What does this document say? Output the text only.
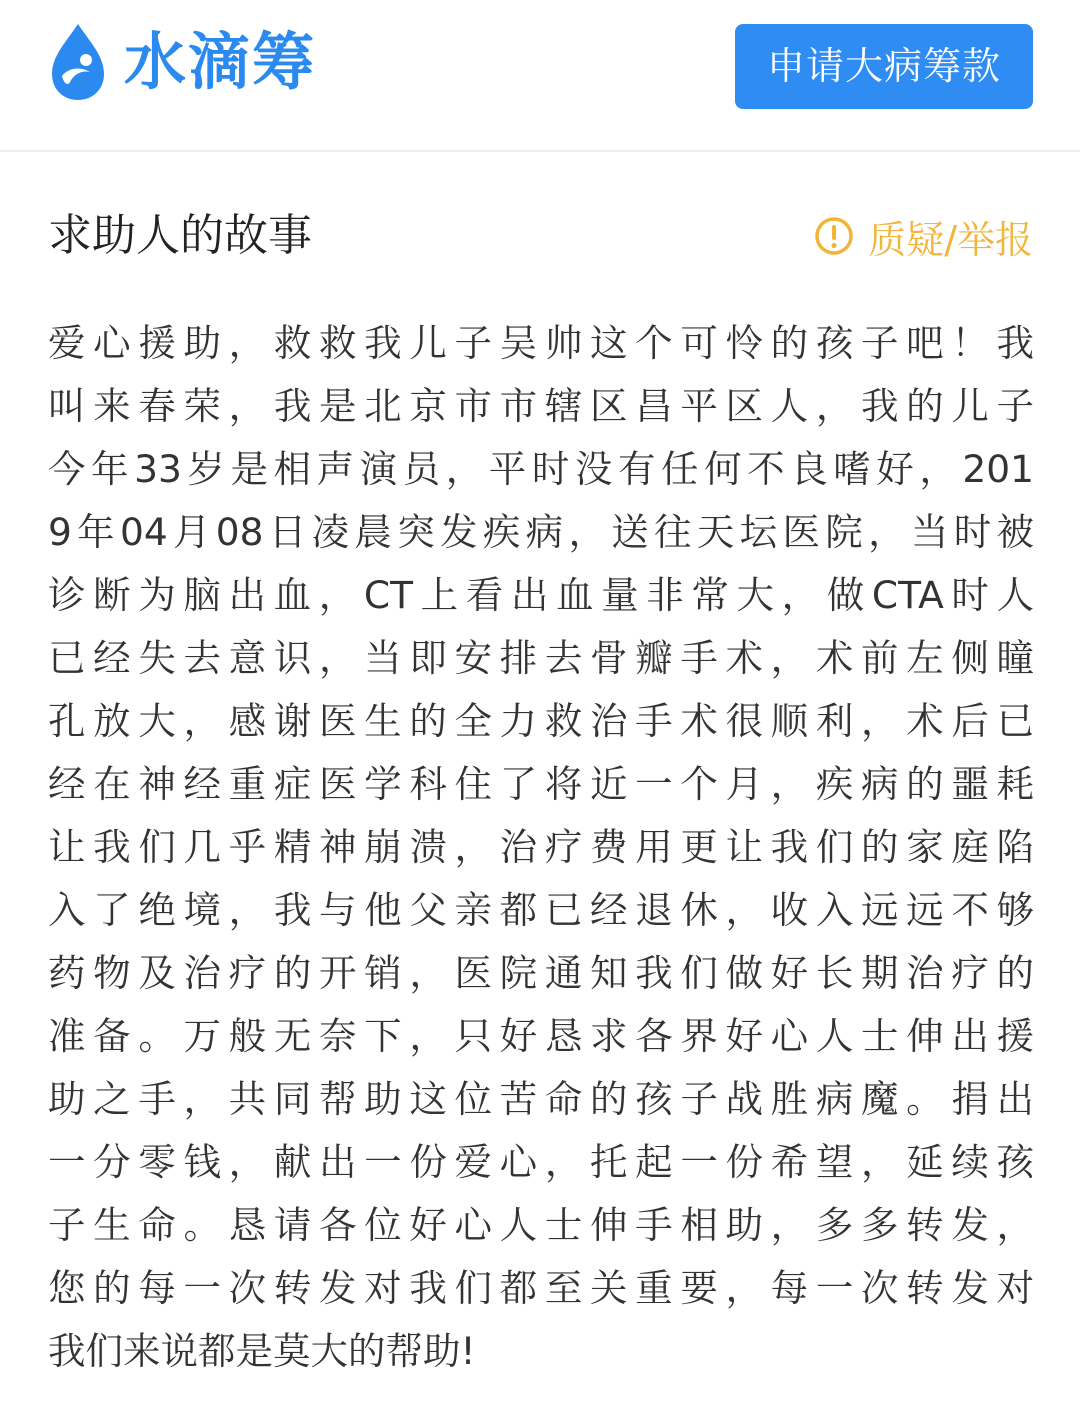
水滴筹	申请大病筹款
求助人的故事	质疑/举报
爱心援助，救救我儿子吴帅这个可怜的孩子吧！我
叫来春荣，我是北京市市辖区昌平区人，我的儿子
今年33岁是相声演员，平时没有任何不良嗜好，201
9年04月08日凌晨突发疾病，送往天坛医院，当时被
诊断为脑出血，CT上看出血量非常大，做CTA时人
已经失去意识，当即安排去骨瓣手术，术前左侧瞳
孔放大，感谢医生的全力救治手术很顺利，术后已
经在神经重症医学科住了将近一个月，疾病的噩耗
让我们几乎精神崩溃，治疗费用更让我们的家庭陷
入了绝境，我与他父亲都已经退休，收入远远不够
药物及治疗的开销，医院通知我们做好长期治疗的
准备。万般无奈下，只好恳求各界好心人士伸出援
助之手，共同帮助这位苦命的孩子战胜病魔。捐出
一分零钱，献出一份爱心，托起一份希望，延续孩
子生命。恳请各位好心人士伸手相助，多多转发，
您的每一次转发对我们都至关重要，每一次转发对
我们来说都是莫大的帮助!
